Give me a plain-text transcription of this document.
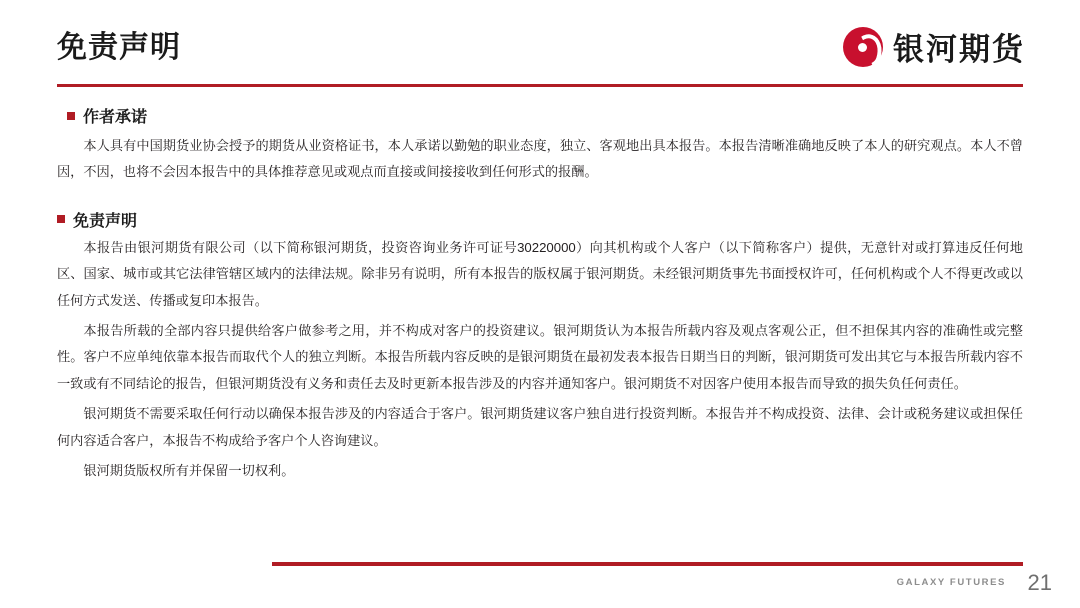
免责声明	银河期货
作者承诺

本人具有中国期货业协会授予的期货从业资格证书，本人承诺以勤勉的职业态度，独立、客观地出具本报告。本报告清晰准确地反映了本人的研究观点。本人不曾因，不因，也将不会因本报告中的具体推荐意见或观点而直接或间接接收到任何形式的报酬。

免责声明

本报告由银河期货有限公司（以下简称银河期货，投资咨询业务许可证号30220000）向其机构或个人客户（以下简称客户）提供，无意针对或打算违反任何地区、国家、城市或其它法律管辖区域内的法律法规。除非另有说明，所有本报告的版权属于银河期货。未经银河期货事先书面授权许可，任何机构或个人不得更改或以任何方式发送、传播或复印本报告。

本报告所载的全部内容只提供给客户做参考之用，并不构成对客户的投资建议。银河期货认为本报告所载内容及观点客观公正，但不担保其内容的准确性或完整性。客户不应单纯依靠本报告而取代个人的独立判断。本报告所载内容反映的是银河期货在最初发表本报告日期当日的判断，银河期货可发出其它与本报告所载内容不一致或有不同结论的报告，但银河期货没有义务和责任去及时更新本报告涉及的内容并通知客户。银河期货不对因客户使用本报告而导致的损失负任何责任。

银河期货不需要采取任何行动以确保本报告涉及的内容适合于客户。银河期货建议客户独自进行投资判断。本报告并不构成投资、法律、会计或税务建议或担保任何内容适合客户，本报告不构成给予客户个人咨询建议。

银河期货版权所有并保留一切权利。

GALAXY FUTURES 21
